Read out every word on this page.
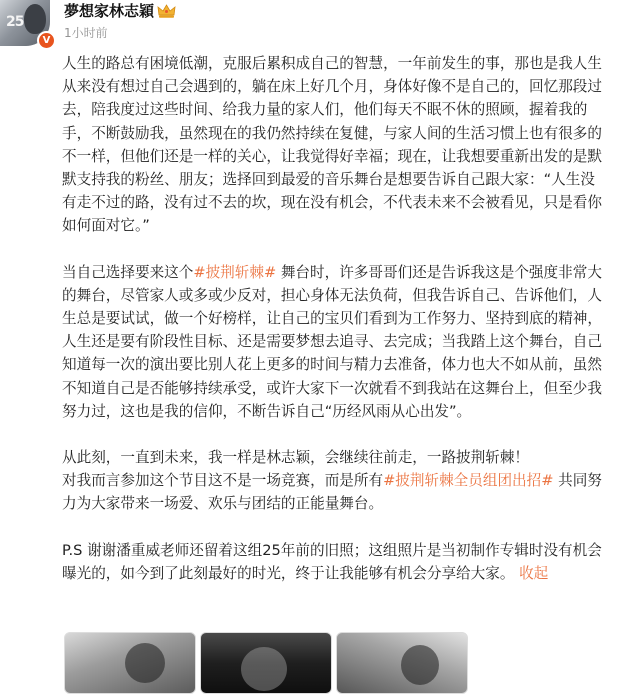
25
V
夢想家林志穎
1小时前

人生的路总有困境低潮，克服后累积成自己的智慧，一年前发生的事，那也是我人生从来没有想过自己会遇到的，躺在床上好几个月，身体好像不是自己的，回忆那段过去，陪我度过这些时间、给我力量的家人们，他们每天不眠不休的照顾，握着我的手，不断鼓励我，虽然现在的我仍然持续在复健，与家人间的生活习惯上也有很多的不一样，但他们还是一样的关心，让我觉得好幸福；现在，让我想要重新出发的是默默支持我的粉丝、朋友；选择回到最爱的音乐舞台是想要告诉自己跟大家：“人生没有走不过的路，没有过不去的坎，现在没有机会，不代表未来不会被看见，只是看你如何面对它。”

当自己选择要来这个#披荆斩棘# 舞台时，许多哥哥们还是告诉我这是个强度非常大的舞台，尽管家人或多或少反对，担心身体无法负荷，但我告诉自己、告诉他们，人生总是要试试，做一个好榜样，让自己的宝贝们看到为工作努力、坚持到底的精神，人生还是要有阶段性目标、还是需要梦想去追寻、去完成；当我踏上这个舞台，自己知道每一次的演出要比别人花上更多的时间与精力去准备，体力也大不如从前，虽然不知道自己是否能够持续承受，或许大家下一次就看不到我站在这舞台上，但至少我努力过，这也是我的信仰，不断告诉自己“历经风雨从心出发”。

从此刻，一直到未来，我一样是林志颖，会继续往前走，一路披荆斩棘！
对我而言参加这个节目这不是一场竞赛，而是所有#披荆斩棘全员组团出招# 共同努力为大家带来一场爱、欢乐与团结的正能量舞台。

P.S 谢谢潘重威老师还留着这组25年前的旧照；这组照片是当初制作专辑时没有机会曝光的，如今到了此刻最好的时光，终于让我能够有机会分享给大家。 收起
